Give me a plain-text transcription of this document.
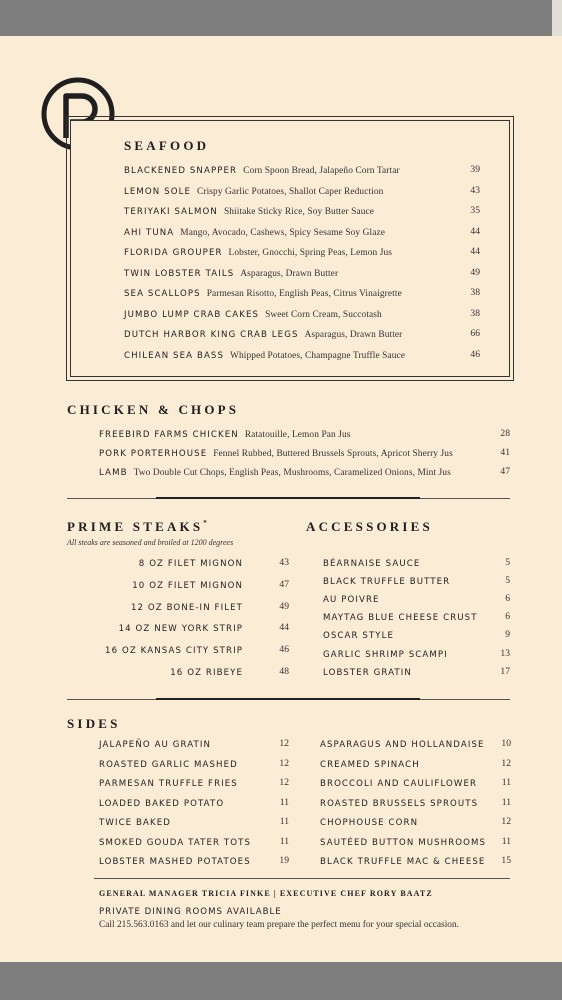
SEAFOOD
BLACKENED SNAPPER Corn Spoon Bread, Jalapeño Corn Tartar	39
LEMON SOLE Crispy Garlic Potatoes, Shallot Caper Reduction	43
TERIYAKI SALMON Shiitake Sticky Rice, Soy Butter Sauce	35
AHI TUNA Mango, Avocado, Cashews, Spicy Sesame Soy Glaze	44
FLORIDA GROUPER Lobster, Gnocchi, Spring Peas, Lemon Jus	44
TWIN LOBSTER TAILS Asparagus, Drawn Butter	49
SEA SCALLOPS Parmesan Risotto, English Peas, Citrus Vinaigrette	38
JUMBO LUMP CRAB CAKES Sweet Corn Cream, Succotash	38
DUTCH HARBOR KING CRAB LEGS Asparagus, Drawn Butter	66
CHILEAN SEA BASS Whipped Potatoes, Champagne Truffle Sauce	46
CHICKEN & CHOPS
FREEBIRD FARMS CHICKEN Ratatouille, Lemon Pan Jus	28
PORK PORTERHOUSE Fennel Rubbed, Buttered Brussels Sprouts, Apricot Sherry Jus	41
LAMB Two Double Cut Chops, English Peas, Mushrooms, Caramelized Onions, Mint Jus	47
PRIME STEAKS*
All steaks are seasoned and broiled at 1200 degrees
8 OZ FILET MIGNON	43
10 OZ FILET MIGNON	47
12 OZ BONE-IN FILET	49
14 OZ NEW YORK STRIP	44
16 OZ KANSAS CITY STRIP	46
16 OZ RIBEYE	48
ACCESSORIES
BÉARNAISE SAUCE	5
BLACK TRUFFLE BUTTER	5
AU POIVRE	6
MAYTAG BLUE CHEESE CRUST	6
OSCAR STYLE	9
GARLIC SHRIMP SCAMPI	13
LOBSTER GRATIN	17
SIDES
JALAPEÑO AU GRATIN	12
ROASTED GARLIC MASHED	12
PARMESAN TRUFFLE FRIES	12
LOADED BAKED POTATO	11
TWICE BAKED	11
SMOKED GOUDA TATER TOTS	11
LOBSTER MASHED POTATOES	19
ASPARAGUS AND HOLLANDAISE	10
CREAMED SPINACH	12
BROCCOLI AND CAULIFLOWER	11
ROASTED BRUSSELS SPROUTS	11
CHOPHOUSE CORN	12
SAUTÉED BUTTON MUSHROOMS	11
BLACK TRUFFLE MAC & CHEESE	15
GENERAL MANAGER TRICIA FINKE | EXECUTIVE CHEF RORY BAATZ
PRIVATE DINING ROOMS AVAILABLE
Call 215.563.0163 and let our culinary team prepare the perfect menu for your special occasion.
